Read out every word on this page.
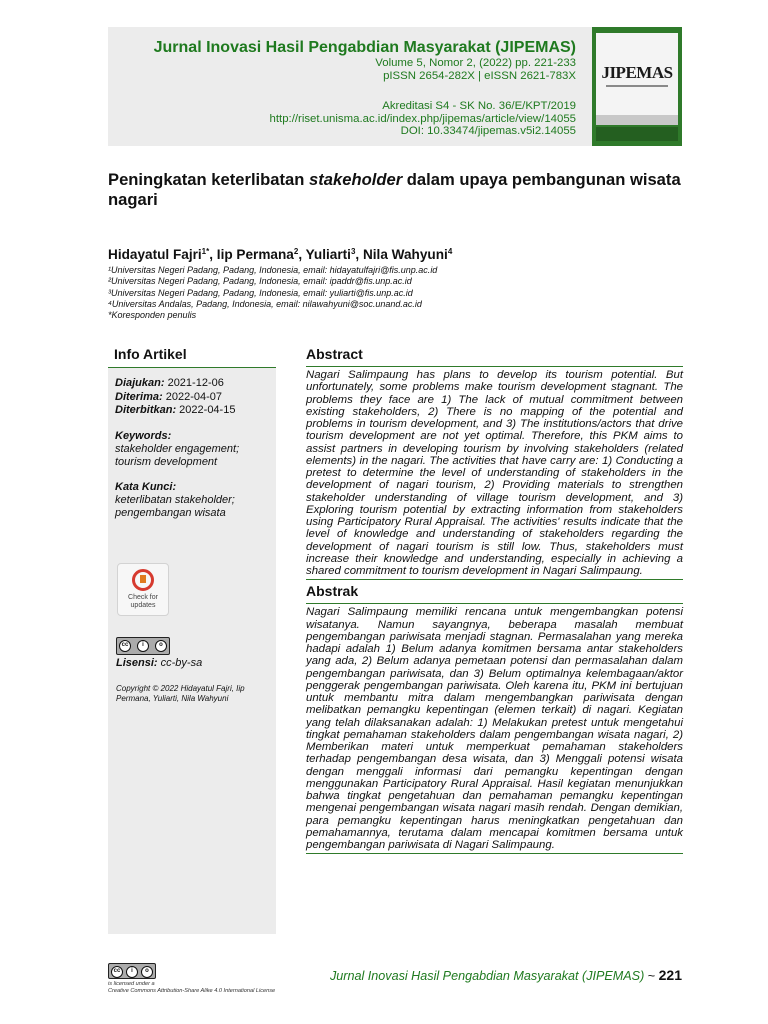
Jurnal Inovasi Hasil Pengabdian Masyarakat (JIPEMAS)
Volume 5, Nomor 2, (2022) pp. 221-233
pISSN 2654-282X | eISSN 2621-783X
Akreditasi S4 - SK No. 36/E/KPT/2019
http://riset.unisma.ac.id/index.php/jipemas/article/view/14055
DOI: 10.33474/jipemas.v5i2.14055
JIPEMAS
Peningkatan keterlibatan stakeholder dalam upaya pembangunan wisata nagari
Hidayatul Fajri$^{1*}$, Iip Permana$^2$, Yuliarti$^3$, Nila Wahyuni$^4$
¹Universitas Negeri Padang, Padang, Indonesia, email: hidayatulfajri@fis.unp.ac.id
²Universitas Negeri Padang, Padang, Indonesia, email: ipaddr@fis.unp.ac.id
³Universitas Negeri Padang, Padang, Indonesia, email: yuliarti@fis.unp.ac.id
⁴Universitas Andalas, Padang, Indonesia, email: nilawahyuni@soc.unand.ac.id
*Koresponden penulis
Info Artikel
Diajukan: 2021-12-06
Diterima: 2022-04-07
Diterbitkan: 2022-04-15
Keywords:
stakeholder engagement;
tourism development
Kata Kunci:
keterlibatan stakeholder;
pengembangan wisata
Check for
updates
cc	i	o
Lisensi: cc-by-sa
Copyright © 2022 Hidayatul Fajri, Iip Permana, Yuliarti, Nila Wahyuni
Abstract
Nagari Salimpaung has plans to develop its tourism potential. But unfortunately, some problems make tourism development stagnant. The problems they face are 1) The lack of mutual commitment between existing stakeholders, 2) There is no mapping of the potential and problems in tourism development, and 3) The institutions/actors that drive tourism development are not yet optimal. Therefore, this PKM aims to assist partners in developing tourism by involving stakeholders (related elements) in the nagari. The activities that have carry are: 1) Conducting a pretest to determine the level of understanding of stakeholders in the development of nagari tourism, 2) Providing materials to strengthen stakeholder understanding of village tourism development, and 3) Exploring tourism potential by extracting information from stakeholders using Participatory Rural Appraisal. The activities' results indicate that the level of knowledge and understanding of stakeholders regarding the development of nagari tourism is still low. Thus, stakeholders must increase their knowledge and understanding, especially in achieving a shared commitment to tourism development in Nagari Salimpaung.
Abstrak
Nagari Salimpaung memiliki rencana untuk mengembangkan potensi wisatanya. Namun sayangnya, beberapa masalah membuat pengembangan pariwisata menjadi stagnan. Permasalahan yang mereka hadapi adalah 1) Belum adanya komitmen bersama antar stakeholders yang ada, 2) Belum adanya pemetaan potensi dan permasalahan dalam pengembangan pariwisata, dan 3) Belum optimalnya kelembagaan/aktor penggerak pengembangan pariwisata. Oleh karena itu, PKM ini bertujuan untuk membantu mitra dalam mengembangkan pariwisata dengan melibatkan pemangku kepentingan (elemen terkait) di nagari. Kegiatan yang telah dilaksanakan adalah: 1) Melakukan pretest untuk mengetahui tingkat pemahaman stakeholders dalam pengembangan wisata nagari, 2) Memberikan materi untuk memperkuat pemahaman stakeholders terhadap pengembangan desa wisata, dan 3) Menggali potensi wisata dengan menggali informasi dari pemangku kepentingan dengan menggunakan Participatory Rural Appraisal. Hasil kegiatan menunjukkan bahwa tingkat pengetahuan dan pemahaman pemangku kepentingan mengenai pengembangan wisata nagari masih rendah. Dengan demikian, para pemangku kepentingan harus meningkatkan pengetahuan dan pemahamannya, terutama dalam mencapai komitmen bersama untuk pengembangan pariwisata di Nagari Salimpaung.
cc	i	o
is licensed under a
Creative Commons Attribution-Share Alike 4.0 International License
Jurnal Inovasi Hasil Pengabdian Masyarakat (JIPEMAS) ~ 221
